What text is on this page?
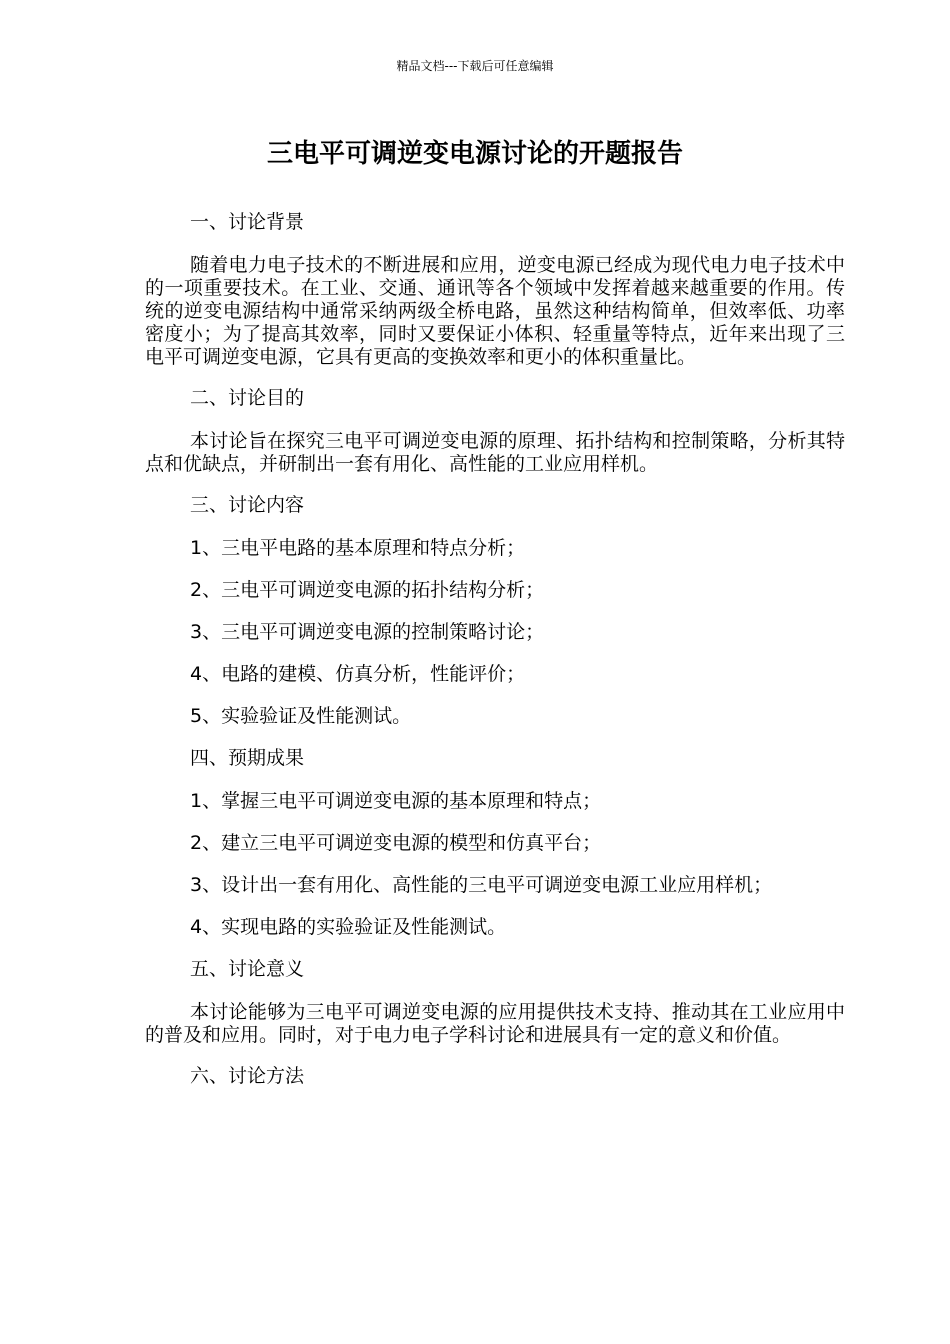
精品文档---下载后可任意编辑
三电平可调逆变电源讨论的开题报告

一、讨论背景

随着电力电子技术的不断进展和应用，逆变电源已经成为现代电力电子技术中的一项重要技术。在工业、交通、通讯等各个领域中发挥着越来越重要的作用。传统的逆变电源结构中通常采纳两级全桥电路，虽然这种结构简单，但效率低、功率密度小；为了提高其效率，同时又要保证小体积、轻重量等特点，近年来出现了三电平可调逆变电源，它具有更高的变换效率和更小的体积重量比。

二、讨论目的

本讨论旨在探究三电平可调逆变电源的原理、拓扑结构和控制策略，分析其特点和优缺点，并研制出一套有用化、高性能的工业应用样机。

三、讨论内容

1、三电平电路的基本原理和特点分析；

2、三电平可调逆变电源的拓扑结构分析；

3、三电平可调逆变电源的控制策略讨论；

4、电路的建模、仿真分析，性能评价；

5、实验验证及性能测试。

四、预期成果

1、掌握三电平可调逆变电源的基本原理和特点；

2、建立三电平可调逆变电源的模型和仿真平台；

3、设计出一套有用化、高性能的三电平可调逆变电源工业应用样机；

4、实现电路的实验验证及性能测试。

五、讨论意义

本讨论能够为三电平可调逆变电源的应用提供技术支持、推动其在工业应用中的普及和应用。同时，对于电力电子学科讨论和进展具有一定的意义和价值。

六、讨论方法
